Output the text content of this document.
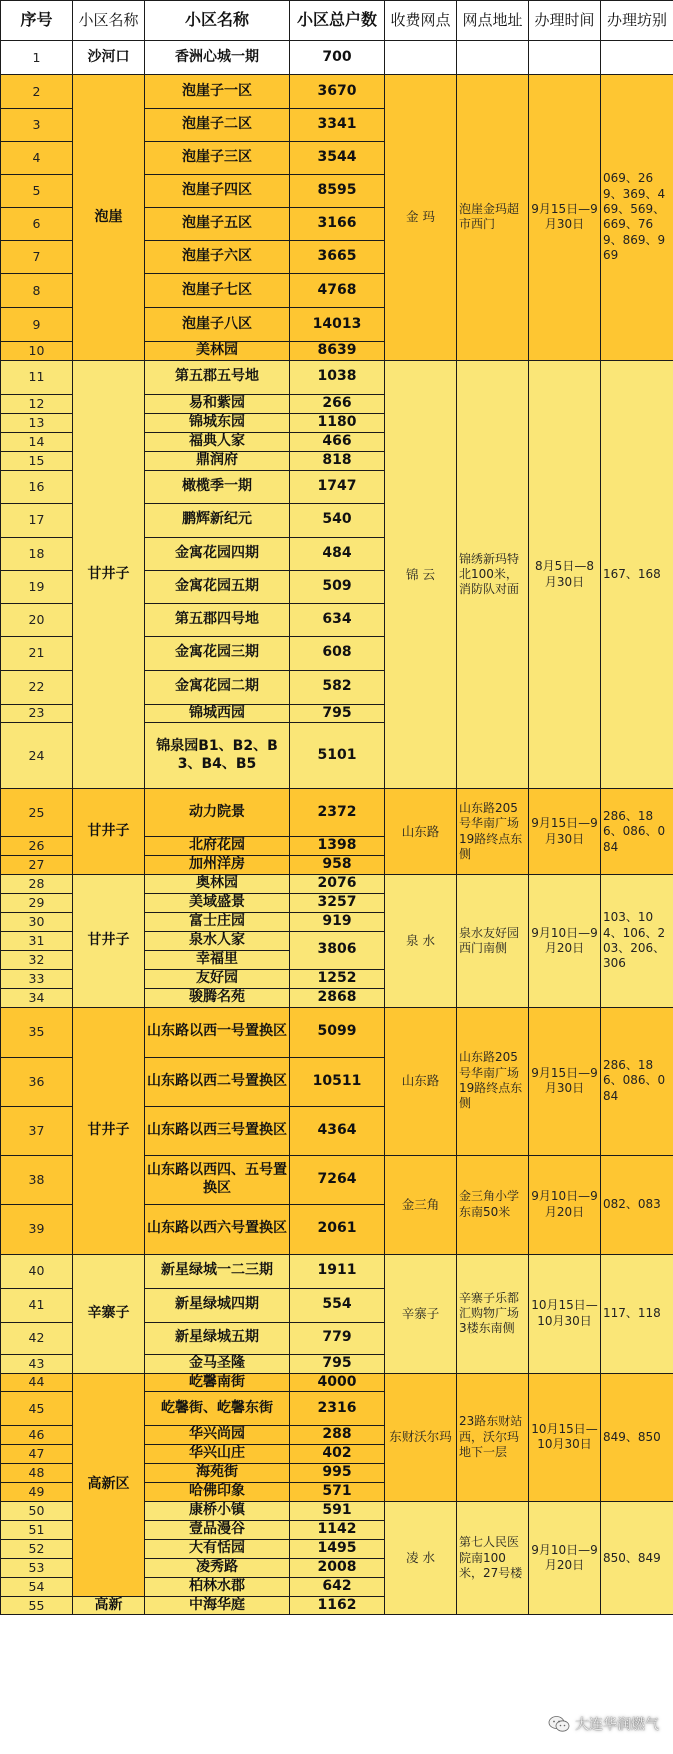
序号	小区名称	小区名称	小区总户数	收费网点	网点地址	办理时间	办理坊别
1	沙河口	香洲心城一期	700				
2	泡崖	泡崖子一区	3670	金 玛	泡崖金玛超市西门	9月15日—9月30日	069、269、369、469、569、669、769、869、969
3		泡崖子二区	3341				
4		泡崖子三区	3544				
5		泡崖子四区	8595				
6		泡崖子五区	3166				
7		泡崖子六区	3665				
8		泡崖子七区	4768				
9		泡崖子八区	14013				
10		美林园	8639				
11	甘井子	第五郡五号地	1038	锦 云	锦绣新玛特北100米，消防队对面	8月5日—8月30日	167、168
12		易和紫园	266				
13		锦城东园	1180				
14		福典人家	466				
15		鼎润府	818				
16		橄榄季一期	1747				
17		鹏辉新纪元	540				
18		金寓花园四期	484				
19		金寓花园五期	509				
20		第五郡四号地	634				
21		金寓花园三期	608				
22		金寓花园二期	582				
23		锦城西园	795				
24		锦泉园B1、B2、B3、B4、B5	5101				
25	甘井子	动力院景	2372	山东路	山东路205号华南广场19路终点东侧	9月15日—9月30日	286、186、086、084
26		北府花园	1398				
27		加州洋房	958				
28	甘井子	奥林园	2076	泉 水	泉水友好园西门南侧	9月10日—9月20日	103、104、106、203、206、306
29		美域盛景	3257				
30		富士庄园	919				
31		泉水人家	3806				
32		幸福里					
33		友好园	1252				
34		骏腾名苑	2868				
35	甘井子	山东路以西一号置换区	5099	山东路	山东路205号华南广场19路终点东侧	9月15日—9月30日	286、186、086、084
36		山东路以西二号置换区	10511				
37		山东路以西三号置换区	4364				
38		山东路以西四、五号置换区	7264	金三角	金三角小学东南50米	9月10日—9月20日	082、083
39		山东路以西六号置换区	2061				
40	辛寨子	新星绿城一二三期	1911	辛寨子	辛寨子乐都汇购物广场3楼东南侧	10月15日—10月30日	117、118
41		新星绿城四期	554				
42		新星绿城五期	779				
43		金马圣隆	795				
44	高新区	屹馨南街	4000	东财沃尔玛	23路东财站西，沃尔玛地下一层	10月15日—10月30日	849、850
45		屹馨街、屹馨东街	2316				
46		华兴尚园	288				
47		华兴山庄	402				
48		海苑街	995				
49		哈佛印象	571				
50		康桥小镇	591	凌 水	第七人民医院南100米，27号楼	9月10日—9月20日	850、849
51		壹品漫谷	1142				
52		大有恬园	1495				
53		凌秀路	2008				
54		柏林水郡	642				
55	高新	中海华庭	1162				
大连华润燃气
